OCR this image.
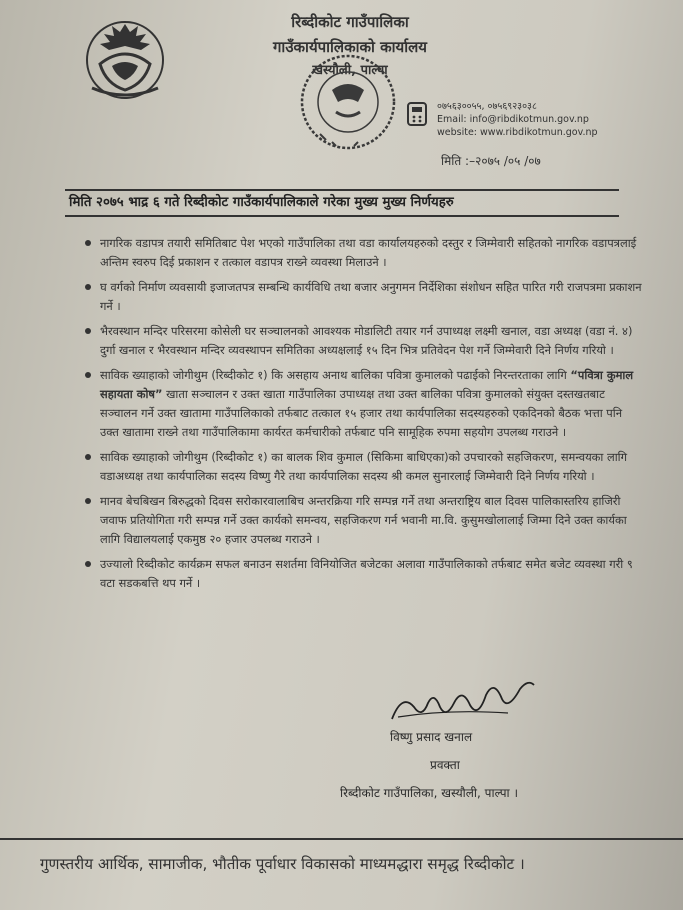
रिब्दीकोट गाउँपालिका
गाउँकार्यपालिकाको कार्यालय
खस्यौली, पाल्पा
०७५६३००५५, ०७५६९२३०३८
Email: info@ribdikotmun.gov.np
website: www.ribdikotmun.gov.np
मिति :–२०७५ /०५ /०७
मिति २०७५ भाद्र ६ गते रिब्दीकोट गाउँकार्यपालिकाले गरेका मुख्य मुख्य निर्णयहरु
नागरिक वडापत्र तयारी समितिबाट पेश भएको गाउँपालिका तथा वडा कार्यालयहरुको दस्तुर र जिम्मेवारी सहितको नागरिक वडापत्रलाई अन्तिम स्वरुप दिई प्रकाशन र तत्काल वडापत्र राख्ने व्यवस्था मिलाउने ।
घ वर्गको निर्माण व्यवसायी इजाजतपत्र सम्बन्धि कार्यविधि तथा बजार अनुगमन निर्देशिका संशोधन सहित पारित गरी राजपत्रमा प्रकाशन गर्ने ।
भैरवस्थान मन्दिर परिसरमा कोसेली घर सञ्चालनको आवश्यक मोडालिटी तयार गर्न उपाध्यक्ष लक्ष्मी खनाल, वडा अध्यक्ष (वडा नं. ४) दुर्गा खनाल र भैरवस्थान मन्दिर व्यवस्थापन समितिका अध्यक्षलाई १५ दिन भित्र प्रतिवेदन पेश गर्ने जिम्मेवारी दिने निर्णय गरियो ।
साविक ख्याहाको जोगीथुम (रिब्दीकोट १) कि असहाय अनाथ बालिका पवित्रा कुमालको पढाईको निरन्तरताका लागि “पवित्रा कुमाल सहायता कोष” खाता सञ्चालन र उक्त खाता गाउँपालिका उपाध्यक्ष तथा उक्त बालिका पवित्रा कुमालको संयुक्त दस्तखतबाट सञ्चालन गर्ने उक्त खातामा गाउँपालिकाको तर्फबाट तत्काल १५ हजार तथा कार्यपालिका सदस्यहरुको एकदिनको बैठक भत्ता पनि उक्त खातामा राख्ने तथा गाउँपालिकामा कार्यरत कर्मचारीको तर्फबाट पनि सामूहिक रुपमा सहयोग उपलब्ध गराउने ।
साविक ख्याहाको जोगीथुम (रिब्दीकोट १) का बालक शिव कुमाल (सिकिमा बाधिएका)को उपचारको सहजिकरण, समन्वयका लागि वडाअध्यक्ष तथा कार्यपालिका सदस्य विष्णु गैरे तथा कार्यपालिका सदस्य श्री कमल सुनारलाई जिम्मेवारी दिने निर्णय गरियो ।
मानव बेचबिखन बिरुद्धको दिवस सरोकारवालाबिच अन्तरक्रिया गरि सम्पन्न गर्ने तथा अन्तराष्ट्रिय बाल दिवस पालिकास्तरिय हाजिरी जवाफ प्रतियोगिता गरी सम्पन्न गर्ने उक्त कार्यको समन्वय, सहजिकरण गर्न भवानी मा.वि. कुसुमखोलालाई जिम्मा दिने उक्त कार्यका लागि विद्यालयलाई एकमुष्ठ २० हजार उपलब्ध गराउने ।
उज्यालो रिब्दीकोट कार्यक्रम सफल बनाउन सशर्तमा विनियोजित बजेटका अलावा गाउँपालिकाको तर्फबाट समेत बजेट व्यवस्था गरी ९ वटा सडकबत्ति थप गर्ने ।
विष्णु प्रसाद खनाल
प्रवक्ता
रिब्दीकोट गाउँपालिका, खस्यौली, पाल्पा ।
गुणस्तरीय आर्थिक, सामाजीक, भौतीक पूर्वाधार विकासको माध्यमद्धारा समृद्ध रिब्दीकोट ।
